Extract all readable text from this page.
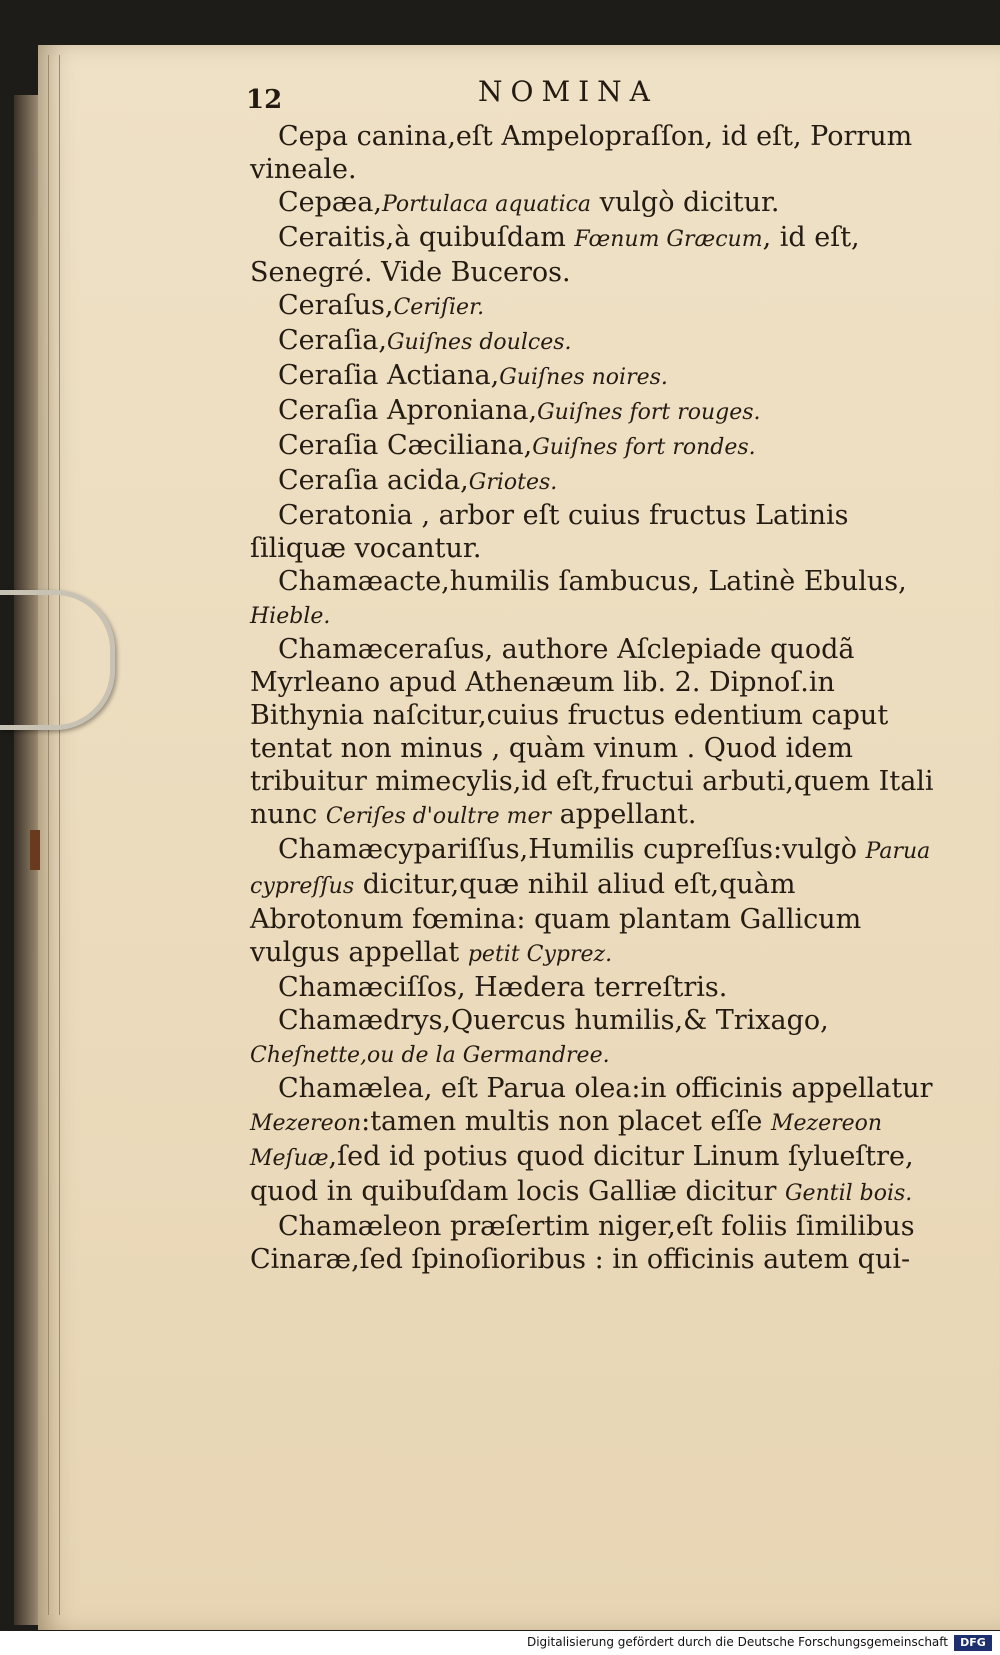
12	NOMINA

Cepa canina,eſt Ampelopraſſon, id eſt, Porrum vineale.

Cepæa,Portulaca aquatica vulgò dicitur.

Ceraitis,à quibuſdam Fœnum Græcum, id eſt, Senegré. Vide Buceros.

Ceraſus,Ceriſier.

Ceraſia,Guiſnes doulces.

Ceraſia Actiana,Guiſnes noires.

Ceraſia Aproniana,Guiſnes fort rouges.

Ceraſia Cæciliana,Guiſnes fort rondes.

Ceraſia acida,Griotes.

Ceratonia , arbor eſt cuius fructus Latinis ſiliquæ vocantur.

Chamæacte,humilis ſambucus, Latinè Ebulus, Hieble.

Chamæceraſus, authore Aſclepiade quodã Myrleano apud Athenæum lib. 2. Dipnoſ.in Bithynia naſcitur,cuius fructus edentium caput tentat non minus , quàm vinum . Quod idem tribuitur mimecylis,id eſt,fructui arbuti,quem Itali nunc Ceriſes d'oultre mer appellant.

Chamæcypariſſus,Humilis cupreſſus:vulgò Parua cypreſſus dicitur,quæ nihil aliud eſt,quàm Abrotonum fœmina: quam plantam Gallicum vulgus appellat petit Cyprez.

Chamæciſſos, Hædera terreſtris.

Chamædrys,Quercus humilis,& Trixago, Cheſnette,ou de la Germandree.

Chamælea, eſt Parua olea:in officinis appellatur Mezereon:tamen multis non placet eſſe Mezereon Meſuæ,ſed id potius quod dicitur Linum ſylueſtre, quod in quibuſdam locis Galliæ dicitur Gentil bois.

Chamæleon præſertim niger,eſt foliis ſimilibus Cinaræ,ſed ſpinoſioribus : in officinis autem qui-

Digitalisierung gefördert durch die Deutsche Forschungsgemeinschaft	DFG
